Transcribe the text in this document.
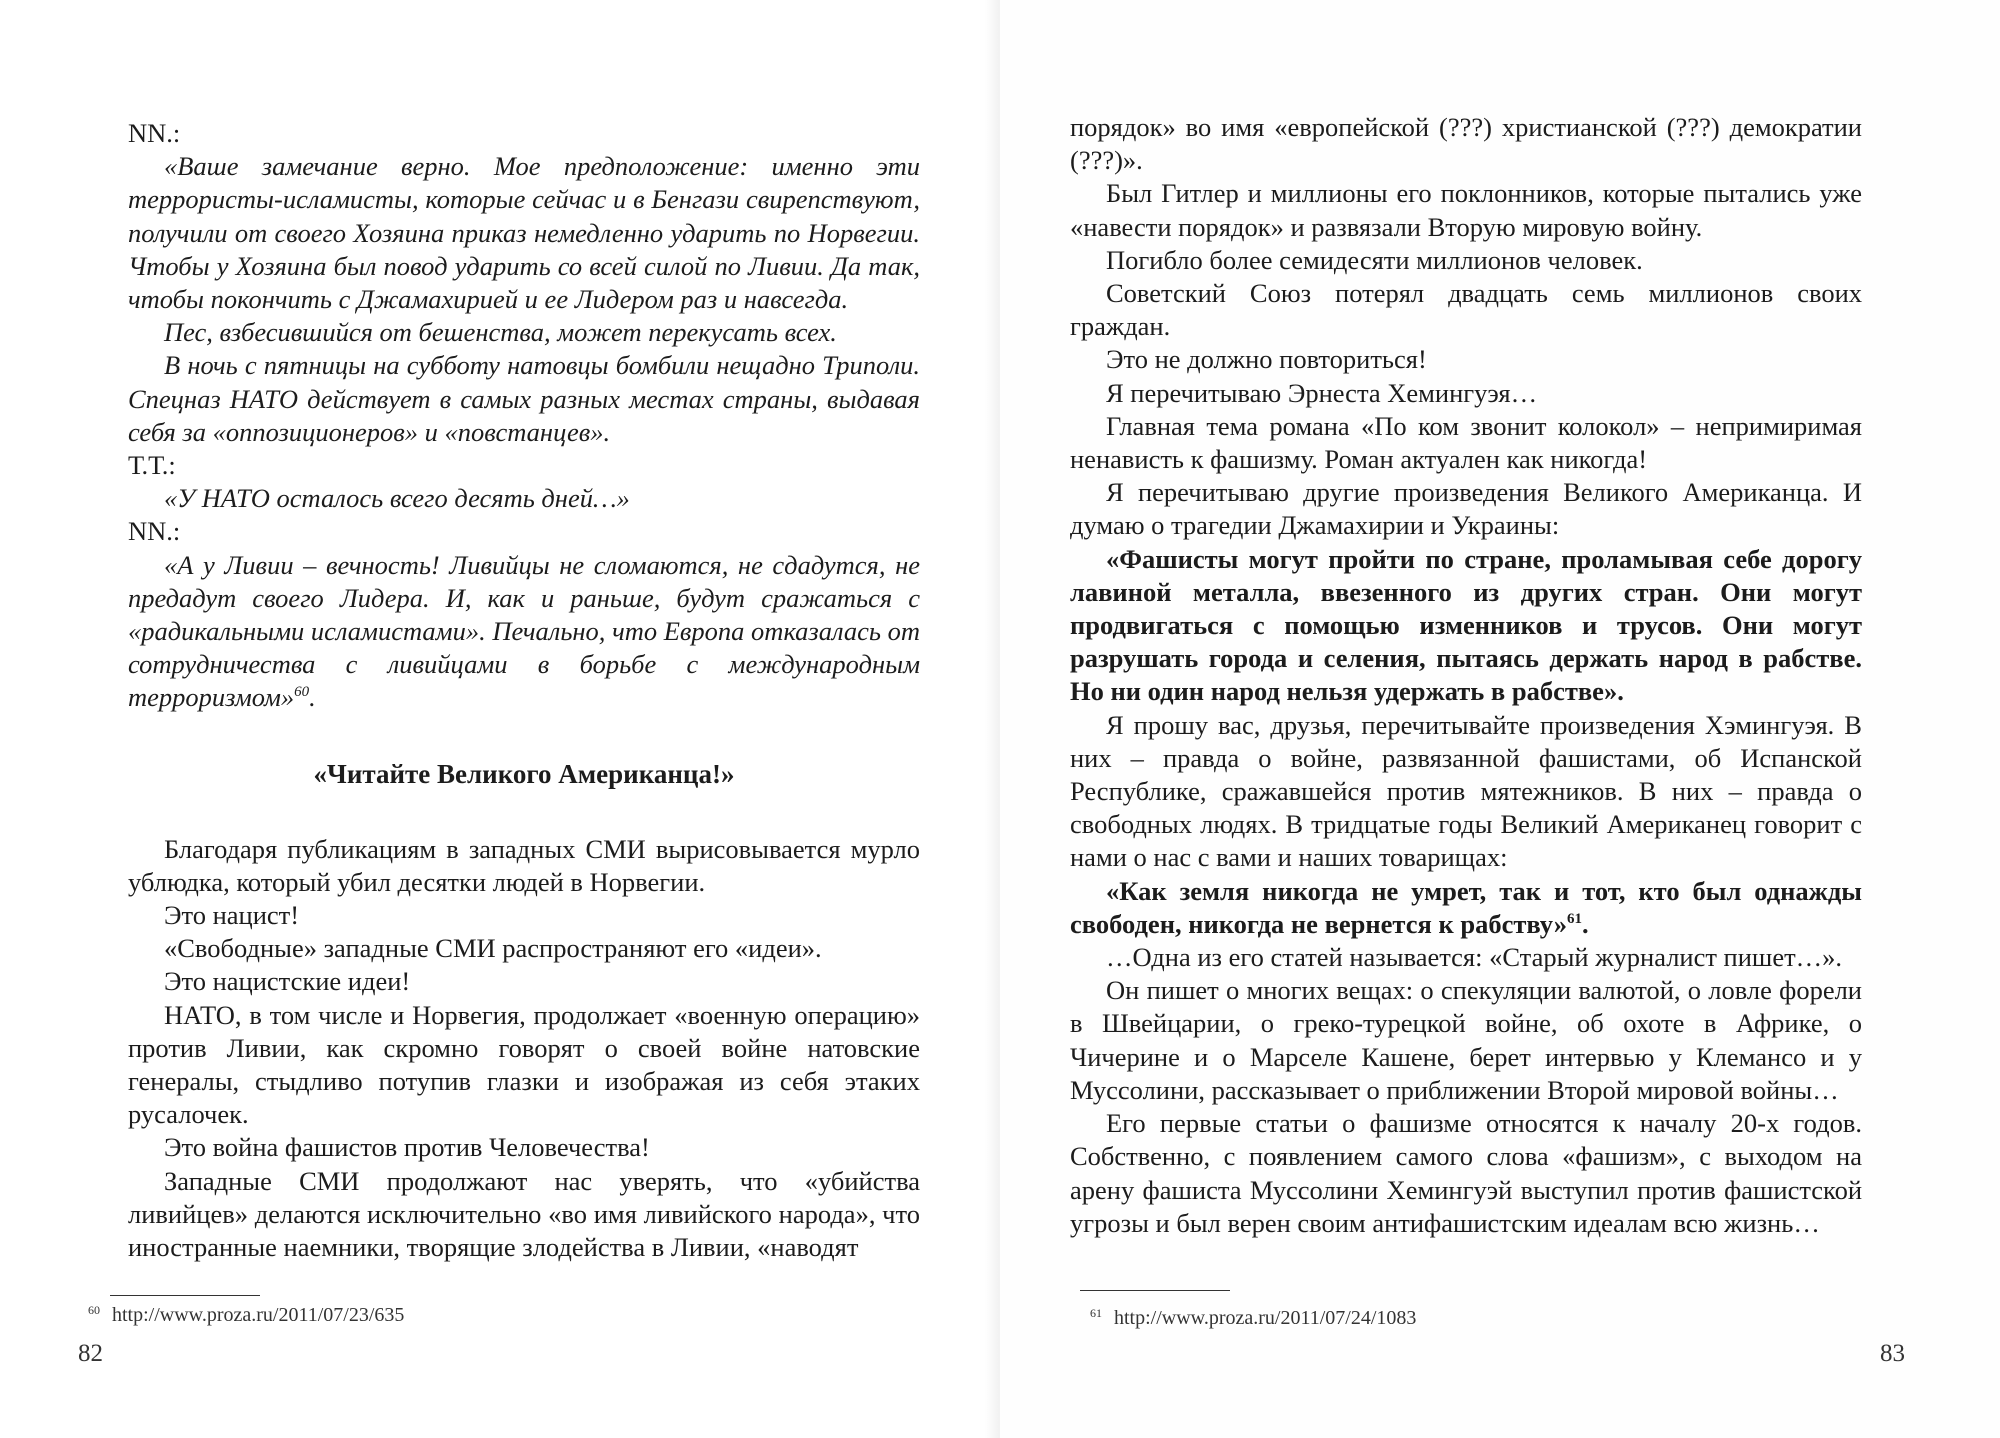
NN.:

«Ваше замечание верно. Мое предположение: именно эти террористы-исламисты, которые сейчас и в Бенгази свирепствуют, получили от своего Хозяина приказ немедленно ударить по Норвегии. Чтобы у Хозяина был повод ударить со всей силой по Ливии. Да так, чтобы покончить с Джамахирией и ее Лидером раз и навсегда.

Пес, взбесившийся от бешенства, может перекусать всех.

В ночь с пятницы на субботу натовцы бомбили нещадно Триполи. Спецназ НАТО действует в самых разных местах страны, выдавая себя за «оппозиционеров» и «повстанцев».

Т.Т.:

«У НАТО осталось всего десять дней…»

NN.:

«А у Ливии – вечность! Ливийцы не сломаются, не сдадутся, не предадут своего Лидера. И, как и раньше, будут сражаться с «радикальными исламистами». Печально, что Европа отказалась от сотрудничества с ливийцами в борьбе с международным терроризмом»$^{60}$.

«Читайте Великого Американца!»

Благодаря публикациям в западных СМИ вырисовывается мурло ублюдка, который убил десятки людей в Норвегии.

Это нацист!

«Свободные» западные СМИ распространяют его «идеи».

Это нацистские идеи!

НАТО, в том числе и Норвегия, продолжает «военную операцию» против Ливии, как скромно говорят о своей войне натовские генералы, стыдливо потупив глазки и изображая из себя этаких русалочек.

Это война фашистов против Человечества!

Западные СМИ продолжают нас уверять, что «убийства ливийцев» делаются исключительно «во имя ливийского народа», что иностранные наемники, творящие злодейства в Ливии, «наводят

$^{60}$ http://www.proza.ru/2011/07/23/635
82

порядок» во имя «европейской (???) христианской (???) демократии (???)».

Был Гитлер и миллионы его поклонников, которые пытались уже «навести порядок» и развязали Вторую мировую войну.

Погибло более семидесяти миллионов человек.

Советский Союз потерял двадцать семь миллионов своих граждан.

Это не должно повториться!

Я перечитываю Эрнеста Хемингуэя…

Главная тема романа «По ком звонит колокол» – непримиримая ненависть к фашизму. Роман актуален как никогда!

Я перечитываю другие произведения Великого Американца. И думаю о трагедии Джамахирии и Украины:

«Фашисты могут пройти по стране, проламывая себе дорогу лавиной металла, ввезенного из других стран. Они могут продвигаться с помощью изменников и трусов. Они могут разрушать города и селения, пытаясь держать народ в рабстве. Но ни один народ нельзя удержать в рабстве».

Я прошу вас, друзья, перечитывайте произведения Хэмингуэя. В них – правда о войне, развязанной фашистами, об Испанской Республике, сражавшейся против мятежников. В них – правда о свободных людях. В тридцатые годы Великий Американец говорит с нами о нас с вами и наших товарищах:

«Как земля никогда не умрет, так и тот, кто был однажды свободен, никогда не вернется к рабству»$^{61}$.

…Одна из его статей называется: «Старый журналист пишет…».

Он пишет о многих вещах: о спекуляции валютой, о ловле форели в Швейцарии, о греко-турецкой войне, об охоте в Африке, о Чичерине и о Марселе Кашене, берет интервью у Клемансо и у Муссолини, рассказывает о приближении Второй мировой войны…

Его первые статьи о фашизме относятся к началу 20-х годов. Собственно, с появлением самого слова «фашизм», с выходом на арену фашиста Муссолини Хемингуэй выступил против фашистской угрозы и был верен своим антифашистским идеалам всю жизнь…

$^{61}$ http://www.proza.ru/2011/07/24/1083
83
